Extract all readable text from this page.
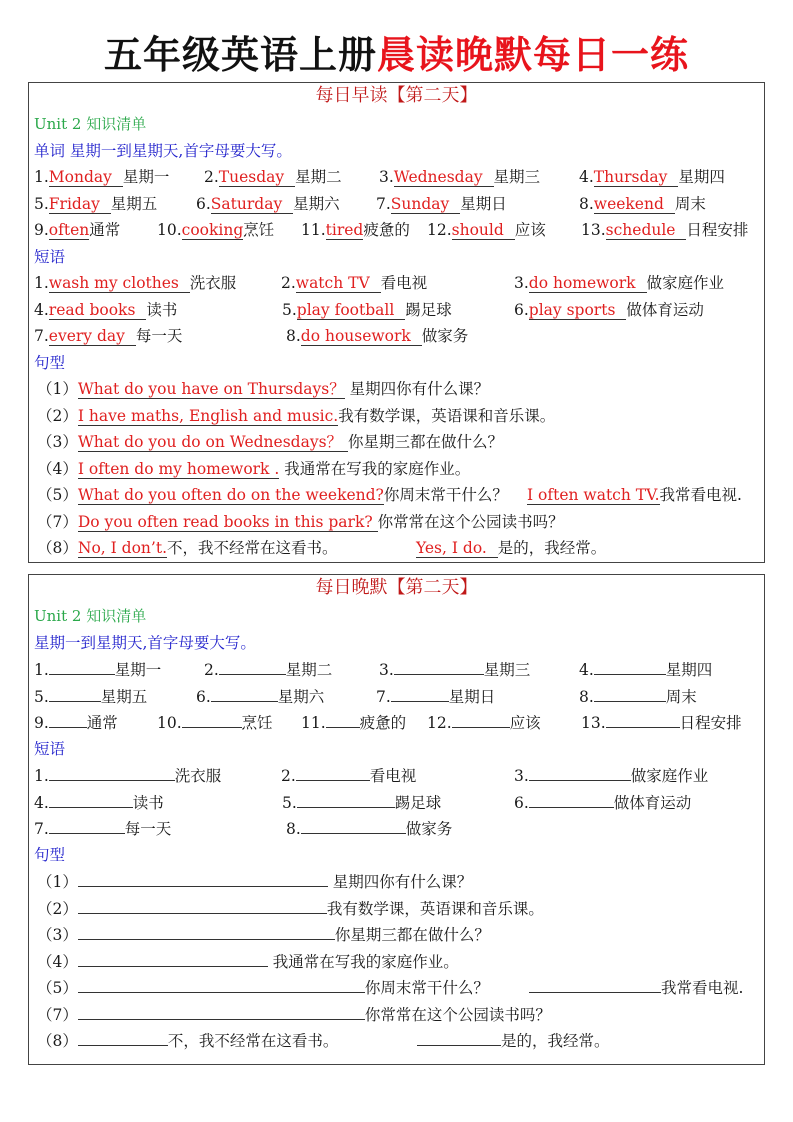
五年级英语上册晨读晚默每日一练
每日早读【第二天】
Unit 2 知识清单
单词 星期一到星期天,首字母要大写。
1.Monday 星期一 2.Tuesday 星期二 3.Wednesday 星期三	4.Thursday 星期四
5.Friday 星期五 6.Saturday 星期六 7.Sunday 星期日	8.weekend 周末
9.often通常 10.cooking烹饪 11.tired疲惫的 12.should 应该 13.schedule 日程安排
短语
1.wash my clothes 洗衣服	2.watch TV 看电视	3.do homework 做家庭作业
4.read books 读书	5.play football 踢足球	6.play sports 做体育运动
7.every day 每一天	8.do housework 做家务
句型
（1）What do you have on Thursdays？ 星期四你有什么课？
（2）I have maths, English and music.我有数学课，英语课和音乐课。
（3）What do you do on Wednesdays？ 你星期三都在做什么？
（4）I often do my homework . 我通常在写我的家庭作业。
（5）What do you often do on the weekend?你周末常干什么？ I often watch TV.我常看电视.
（7）Do you often read books in this park? 你常常在这个公园读书吗？
（8）No, I don’t.不，我不经常在这看书。	Yes, I do. 是的，我经常。
每日晚默【第二天】
Unit 2 知识清单
星期一到星期天,首字母要大写。
1.	星期一	2.	星期二	3.	星期三	4.	星期四
5.	星期五	6.	星期六	7.	星期日	8.	周末
9. 通常	10.	烹饪 11. 疲惫的 12.	应该	13.	日程安排
短语
1.	洗衣服	2.	看电视	3.	做家庭作业
4.	读书	5.	踢足球	6.	做体育运动
7.	每一天	8.	做家务
句型
（1）	星期四你有什么课？
（2）	我有数学课，英语课和音乐课。
（3）	你星期三都在做什么？
（4）	我通常在写我的家庭作业。
（5）	你周末常干什么？	我常看电视.
（7）	你常常在这个公园读书吗？
（8）	不，我不经常在这看书。	是的，我经常。
